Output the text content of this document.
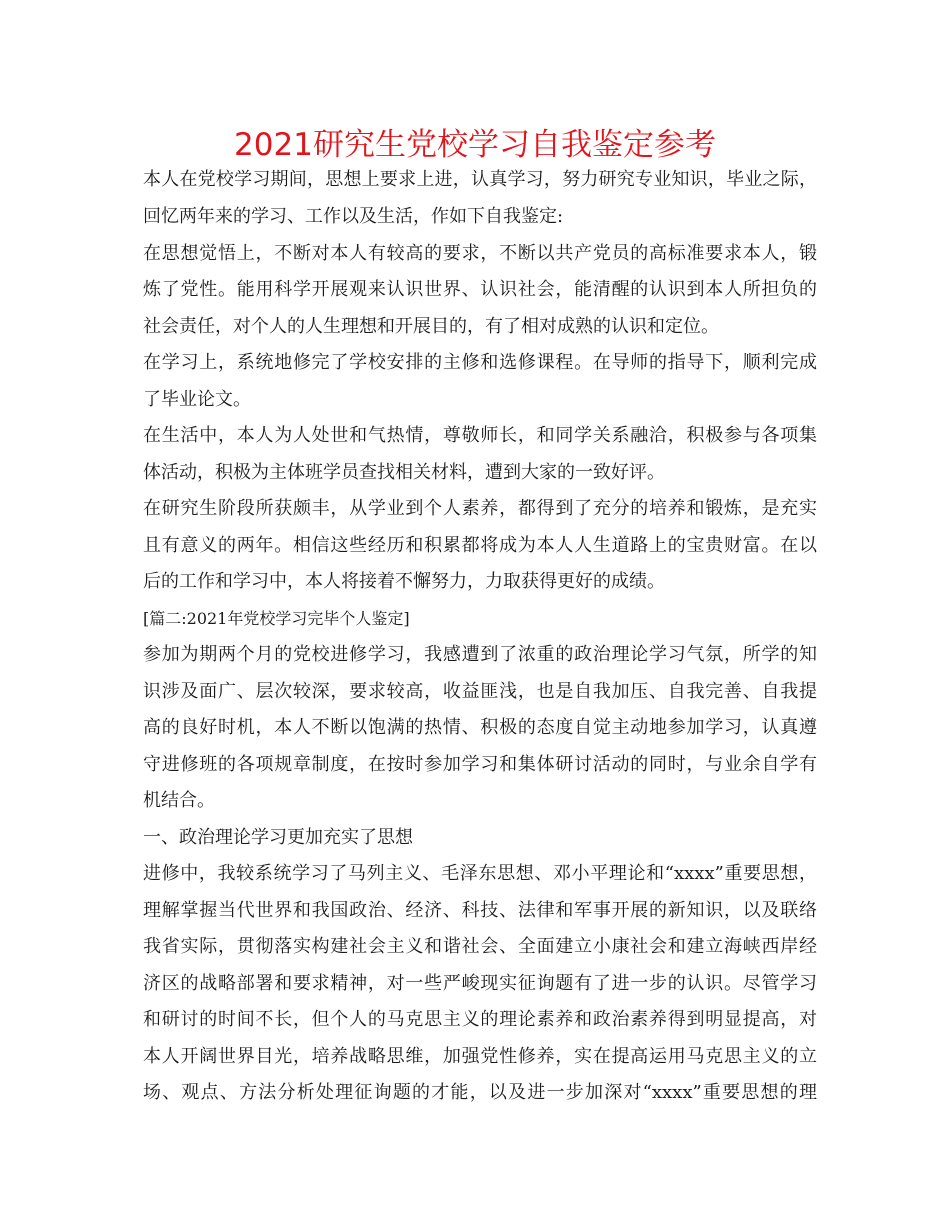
2021研究生党校学习自我鉴定参考

本人在党校学习期间，思想上要求上进，认真学习，努力研究专业知识，毕业之际，

回忆两年来的学习、工作以及生活，作如下自我鉴定:

在思想觉悟上，不断对本人有较高的要求，不断以共产党员的高标准要求本人，锻

炼了党性。能用科学开展观来认识世界、认识社会，能清醒的认识到本人所担负的

社会责任，对个人的人生理想和开展目的，有了相对成熟的认识和定位。

在学习上，系统地修完了学校安排的主修和选修课程。在导师的指导下，顺利完成

了毕业论文。

在生活中，本人为人处世和气热情，尊敬师长，和同学关系融洽，积极参与各项集

体活动，积极为主体班学员查找相关材料，遭到大家的一致好评。

在研究生阶段所获颇丰，从学业到个人素养，都得到了充分的培养和锻炼，是充实

且有意义的两年。相信这些经历和积累都将成为本人人生道路上的宝贵财富。在以

后的工作和学习中，本人将接着不懈努力，力取获得更好的成绩。

[篇二:2021年党校学习完毕个人鉴定]

参加为期两个月的党校进修学习，我感遭到了浓重的政治理论学习气氛，所学的知

识涉及面广、层次较深，要求较高，收益匪浅，也是自我加压、自我完善、自我提

高的良好时机，本人不断以饱满的热情、积极的态度自觉主动地参加学习，认真遵

守进修班的各项规章制度，在按时参加学习和集体研讨活动的同时，与业余自学有

机结合。

一、政治理论学习更加充实了思想

进修中，我较系统学习了马列主义、毛泽东思想、邓小平理论和“xxxx”重要思想，

理解掌握当代世界和我国政治、经济、科技、法律和军事开展的新知识，以及联络

我省实际，贯彻落实构建社会主义和谐社会、全面建立小康社会和建立海峡西岸经

济区的战略部署和要求精神，对一些严峻现实征询题有了进一步的认识。尽管学习

和研讨的时间不长，但个人的马克思主义的理论素养和政治素养得到明显提高，对

本人开阔世界目光，培养战略思维，加强党性修养，实在提高运用马克思主义的立

场、观点、方法分析处理征询题的才能，以及进一步加深对“xxxx”重要思想的理
